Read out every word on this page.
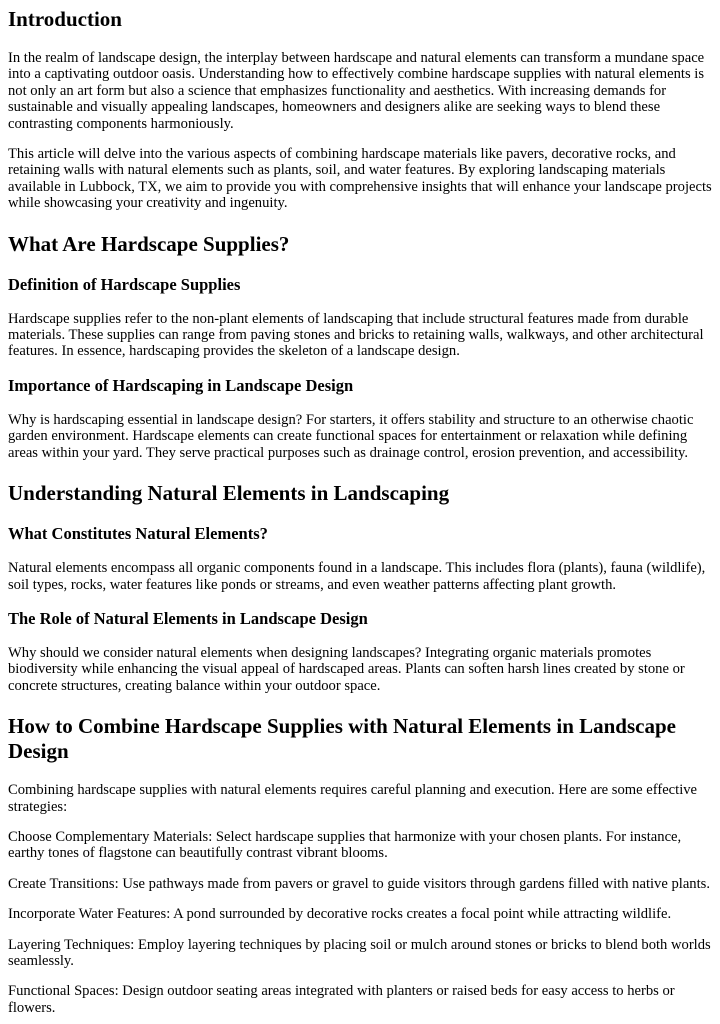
Introduction

In the realm of landscape design, the interplay between hardscape and natural elements can transform a mundane space into a captivating outdoor oasis. Understanding how to effectively combine hardscape supplies with natural elements is not only an art form but also a science that emphasizes functionality and aesthetics. With increasing demands for sustainable and visually appealing landscapes, homeowners and designers alike are seeking ways to blend these contrasting components harmoniously.

This article will delve into the various aspects of combining hardscape materials like pavers, decorative rocks, and retaining walls with natural elements such as plants, soil, and water features. By exploring landscaping materials available in Lubbock, TX, we aim to provide you with comprehensive insights that will enhance your landscape projects while showcasing your creativity and ingenuity.

What Are Hardscape Supplies?
Definition of Hardscape Supplies

Hardscape supplies refer to the non-plant elements of landscaping that include structural features made from durable materials. These supplies can range from paving stones and bricks to retaining walls, walkways, and other architectural features. In essence, hardscaping provides the skeleton of a landscape design.

Importance of Hardscaping in Landscape Design

Why is hardscaping essential in landscape design? For starters, it offers stability and structure to an otherwise chaotic garden environment. Hardscape elements can create functional spaces for entertainment or relaxation while defining areas within your yard. They serve practical purposes such as drainage control, erosion prevention, and accessibility.

Understanding Natural Elements in Landscaping
What Constitutes Natural Elements?

Natural elements encompass all organic components found in a landscape. This includes flora (plants), fauna (wildlife), soil types, rocks, water features like ponds or streams, and even weather patterns affecting plant growth.

The Role of Natural Elements in Landscape Design

Why should we consider natural elements when designing landscapes? Integrating organic materials promotes biodiversity while enhancing the visual appeal of hardscaped areas. Plants can soften harsh lines created by stone or concrete structures, creating balance within your outdoor space.

How to Combine Hardscape Supplies with Natural Elements in Landscape Design

Combining hardscape supplies with natural elements requires careful planning and execution. Here are some effective strategies:

Choose Complementary Materials: Select hardscape supplies that harmonize with your chosen plants. For instance, earthy tones of flagstone can beautifully contrast vibrant blooms.

Create Transitions: Use pathways made from pavers or gravel to guide visitors through gardens filled with native plants.

Incorporate Water Features: A pond surrounded by decorative rocks creates a focal point while attracting wildlife.

Layering Techniques: Employ layering techniques by placing soil or mulch around stones or bricks to blend both worlds seamlessly.

Functional Spaces: Design outdoor seating areas integrated with planters or raised beds for easy access to herbs or flowers.
